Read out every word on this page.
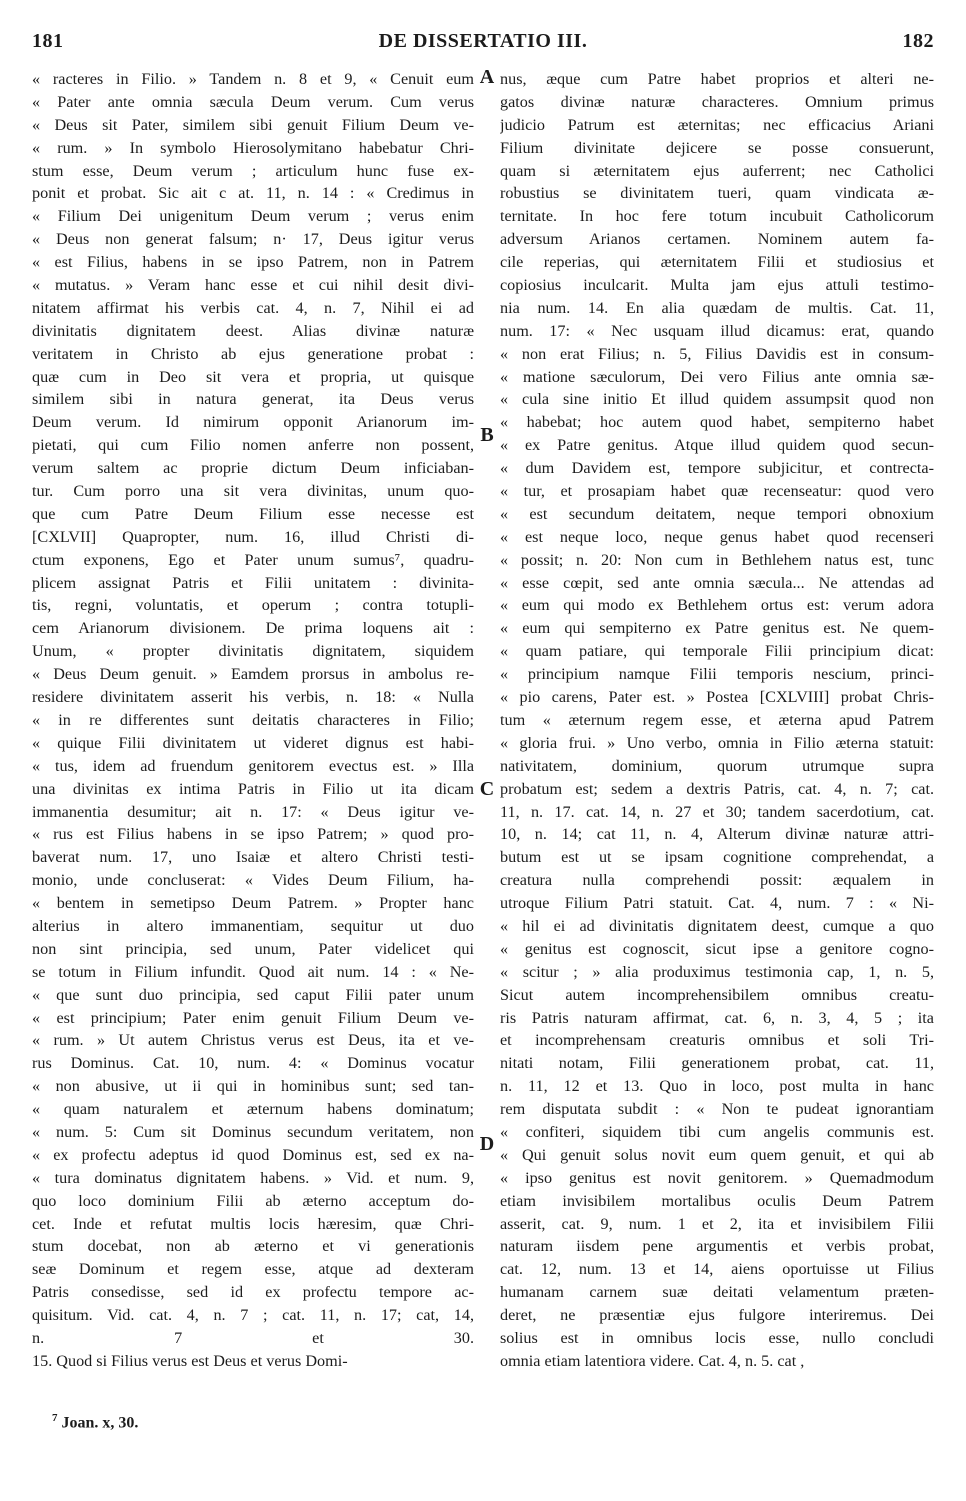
181	DE DISSERTATIO III.	182
« racteres in Filio. » Tandem n. 8 et 9, « Cenuit eum
« Pater ante omnia sæcula Deum verum. Cum verus
« Deus sit Pater, similem sibi genuit Filium Deum ve-
« rum. » In symbolo Hierosolymitano habebatur Chri-
stum esse, Deum verum ; articulum hunc fuse ex-
ponit et probat. Sic ait c at. 11, n. 14 : « Credimus in
« Filium Dei unigenitum Deum verum ; verus enim
« Deus non generat falsum; n· 17, Deus igitur verus
« est Filius, habens in se ipso Patrem, non in Patrem
« mutatus. » Veram hanc esse et cui nihil desit divi-
nitatem affirmat his verbis cat. 4, n. 7, Nihil ei ad
divinitatis dignitatem deest. Alias divinæ naturæ
veritatem in Christo ab ejus generatione probat :
quæ cum in Deo sit vera et propria, ut quisque
similem sibi in natura generat, ita Deus verus
Deum verum. Id nimirum opponit Arianorum im-
pietati, qui cum Filio nomen anferre non possent,
verum saltem ac proprie dictum Deum inficiaban-
tur. Cum porro una sit vera divinitas, unum quo-
que cum Patre Deum Filium esse necesse est
[CXLVII] Quapropter, num. 16, illud Christi di-
ctum exponens, Ego et Pater unum sumus⁷, quadru-
plicem assignat Patris et Filii unitatem : divinita-
tis, regni, voluntatis, et operum ; contra totupli-
cem Arianorum divisionem. De prima loquens ait :
Unum, « propter divinitatis dignitatem, siquidem
« Deus Deum genuit. » Eamdem prorsus in ambolus re-
residere divinitatem asserit his verbis, n. 18: « Nulla
« in re differentes sunt deitatis characteres in Filio;
« quique Filii divinitatem ut videret dignus est habi-
« tus, idem ad fruendum genitorem evectus est. » Illa
una divinitas ex intima Patris in Filio ut ita dicam
immanentia desumitur; ait n. 17: « Deus igitur ve-
« rus est Filius habens in se ipso Patrem; » quod pro-
baverat num. 17, uno Isaiæ et altero Christi testi-
monio, unde concluserat: « Vides Deum Filium, ha-
« bentem in semetipso Deum Patrem. » Propter hanc
alterius in altero immanentiam, sequitur ut duo
non sint principia, sed unum, Pater videlicet qui
se totum in Filium infundit. Quod ait num. 14 : « Ne-
« que sunt duo principia, sed caput Filii pater unum
« est principium; Pater enim genuit Filium Deum ve-
« rum. » Ut autem Christus verus est Deus, ita et ve-
rus Dominus. Cat. 10, num. 4: « Dominus vocatur
« non abusive, ut ii qui in hominibus sunt; sed tan-
« quam naturalem et æternum habens dominatum;
« num. 5: Cum sit Dominus secundum veritatem, non
« ex profectu adeptus id quod Dominus est, sed ex na-
« tura dominatus dignitatem habens. » Vid. et num. 9,
quo loco dominium Filii ab æterno acceptum do-
cet. Inde et refutat multis locis hæresim, quæ Chri-
stum docebat, non ab æterno et vi generationis
seæ Dominum et regem esse, atque ad dexteram
Patris consedisse, sed id ex profectu tempore ac-
quisitum. Vid. cat. 4, n. 7 ; cat. 11, n. 17; cat, 14,
n. 7 et 30.
15. Quod si Filius verus est Deus et verus Domi-
A
B
C
D
nus, æque cum Patre habet proprios et alteri ne-
gatos divinæ naturæ characteres. Omnium primus
judicio Patrum est æternitas; nec efficacius Ariani
Filium divinitate dejicere se posse consuerunt,
quam si æternitatem ejus auferrent; nec Catholici
robustius se divinitatem tueri, quam vindicata æ-
ternitate. In hoc fere totum incubuit Catholicorum
adversum Arianos certamen. Nominem autem fa-
cile reperias, qui æternitatem Filii et studiosius et
copiosius inculcarit. Multa jam ejus attuli testimo-
nia num. 14. En alia quædam de multis. Cat. 11,
num. 17: « Nec usquam illud dicamus: erat, quando
« non erat Filius; n. 5, Filius Davidis est in consum-
« matione sæculorum, Dei vero Filius ante omnia sæ-
« cula sine initio Et illud quidem assumpsit quod non
« habebat; hoc autem quod habet, sempiterno habet
« ex Patre genitus. Atque illud quidem quod secun-
« dum Davidem est, tempore subjicitur, et contrecta-
« tur, et prosapiam habet quæ recenseatur: quod vero
« est secundum deitatem, neque tempori obnoxium
« est neque loco, neque genus habet quod recenseri
« possit; n. 20: Non cum in Bethlehem natus est, tunc
« esse cœpit, sed ante omnia sæcula... Ne attendas ad
« eum qui modo ex Bethlehem ortus est: verum adora
« eum qui sempiterno ex Patre genitus est. Ne quem-
« quam patiare, qui temporale Filii principium dicat:
« principium namque Filii temporis nescium, princi-
« pio carens, Pater est. » Postea [CXLVIII] probat Chris-
tum « æternum regem esse, et æterna apud Patrem
« gloria frui. » Uno verbo, omnia in Filio æterna statuit:
nativitatem, dominium, quorum utrumque supra
probatum est; sedem a dextris Patris, cat. 4, n. 7; cat.
11, n. 17. cat. 14, n. 27 et 30; tandem sacerdotium, cat.
10, n. 14; cat 11, n. 4, Alterum divinæ naturæ attri-
butum est ut se ipsam cognitione comprehendat, a
creatura nulla comprehendi possit: æqualem in
utroque Filium Patri statuit. Cat. 4, num. 7 : « Ni-
« hil ei ad divinitatis dignitatem deest, cumque a quo
« genitus est cognoscit, sicut ipse a genitore cogno-
« scitur ; » alia produximus testimonia cap, 1, n. 5,
Sicut autem incomprehensibilem omnibus creatu-
ris Patris naturam affirmat, cat. 6, n. 3, 4, 5 ; ita
et incomprehensam creaturis omnibus et soli Tri-
nitati notam, Filii generationem probat, cat. 11,
n. 11, 12 et 13. Quo in loco, post multa in hanc
rem disputata subdit : « Non te pudeat ignorantiam
« confiteri, siquidem tibi cum angelis communis est.
« Qui genuit solus novit eum quem genuit, et qui ab
« ipso genitus est novit genitorem. » Quemadmodum
etiam invisibilem mortalibus oculis Deum Patrem
asserit, cat. 9, num. 1 et 2, ita et invisibilem Filii
naturam iisdem pene argumentis et verbis probat,
cat. 12, num. 13 et 14, aiens oportuisse ut Filius
humanam carnem suæ deitati velamentum præten-
deret, ne præsentiæ ejus fulgore interiremus. Dei
solius est in omnibus locis esse, nullo concludi
omnia etiam latentiora videre. Cat. 4, n. 5. cat ,
$^7$ Joan. x, 30.
